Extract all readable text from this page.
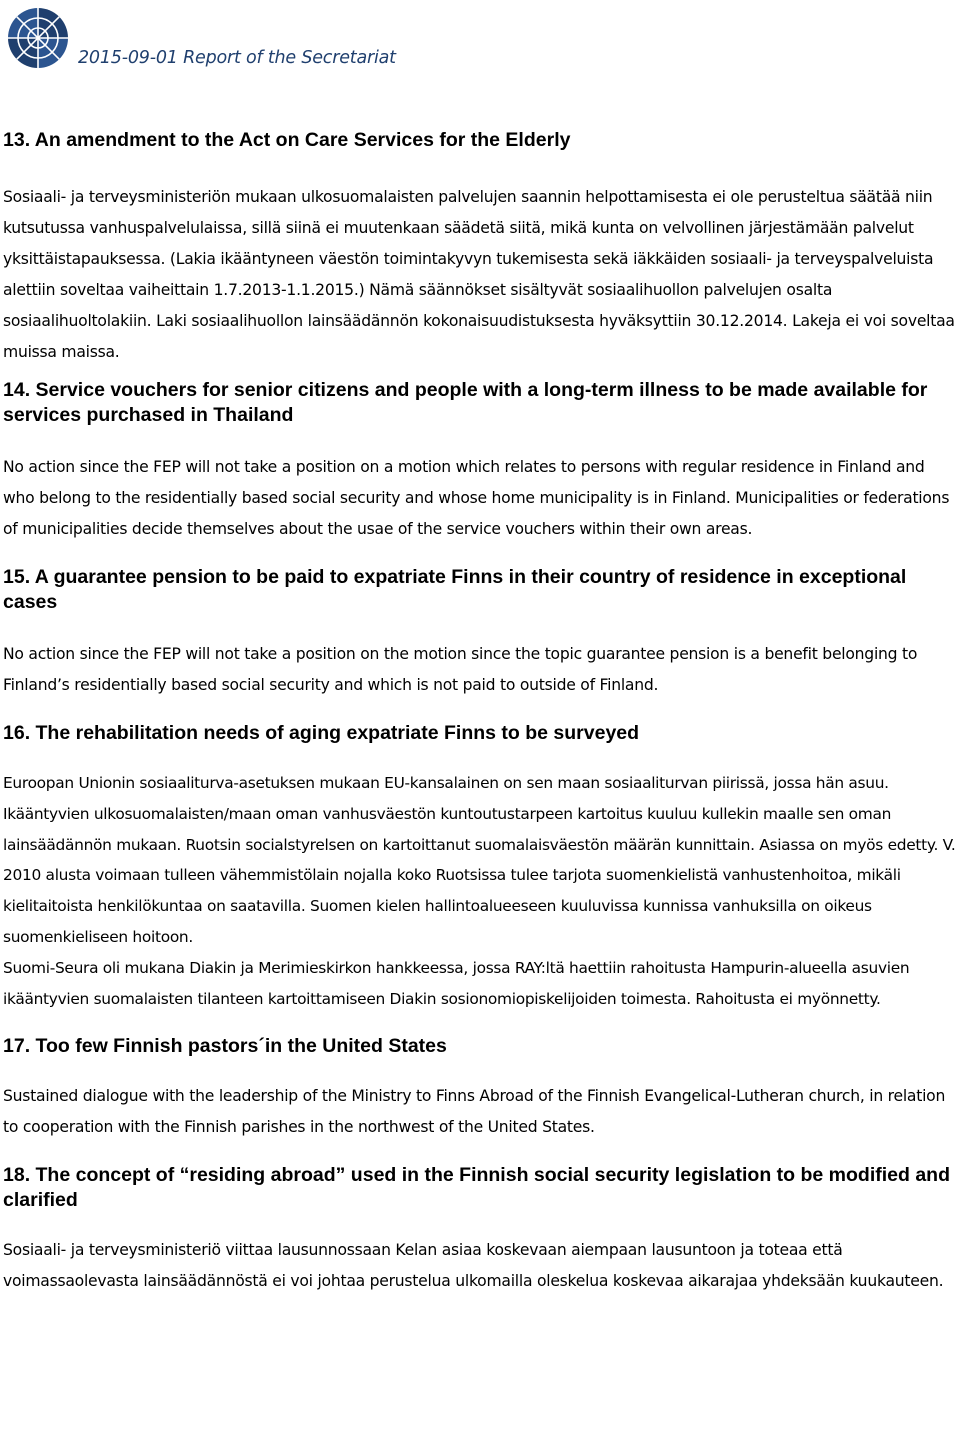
2015-09-01 Report of the Secretariat
13. An amendment to the Act on Care Services for the Elderly

Sosiaali- ja terveysministeriön mukaan ulkosuomalaisten palvelujen saannin helpottamisesta ei ole perusteltua säätää niin kutsutussa vanhuspalvelulaissa, sillä siinä ei muutenkaan säädetä siitä, mikä kunta on velvollinen järjestämään palvelut yksittäistapauksessa. (Lakia ikääntyneen väestön toimintakyvyn tukemisesta sekä iäkkäiden sosiaali- ja terveyspalveluista alettiin soveltaa vaiheittain 1.7.2013-1.1.2015.) Nämä säännökset sisältyvät sosiaalihuollon palvelujen osalta sosiaalihuoltolakiin. Laki sosiaalihuollon lainsäädännön kokonaisuudistuksesta hyväksyttiin 30.12.2014. Lakeja ei voi soveltaa muissa maissa.

14. Service vouchers for senior citizens and people with a long-term illness to be made available for services purchased in Thailand

No action since the FEP will not take a position on a motion which relates to persons with regular residence in Finland and who belong to the residentially based social security and whose home municipality is in Finland. Municipalities or federations of municipalities decide themselves about the usae of the service vouchers within their own areas.

15. A guarantee pension to be paid to expatriate Finns in their country of residence in exceptional cases

No action since the FEP will not take a position on the motion since the topic guarantee pension is a benefit belonging to Finland’s residentially based social security and which is not paid to outside of Finland.

16. The rehabilitation needs of aging expatriate Finns to be surveyed

Euroopan Unionin sosiaaliturva-asetuksen mukaan EU-kansalainen on sen maan sosiaaliturvan piirissä, jossa hän asuu. Ikääntyvien ulkosuomalaisten/maan oman vanhusväestön kuntoutustarpeen kartoitus kuuluu kullekin maalle sen oman lainsäädännön mukaan. Ruotsin socialstyrelsen on kartoittanut suomalaisväestön määrän kunnittain. Asiassa on myös edetty. V. 2010 alusta voimaan tulleen vähemmistölain nojalla koko Ruotsissa tulee tarjota suomenkielistä vanhustenhoitoa, mikäli kielitaitoista henkilökuntaa on saatavilla. Suomen kielen hallintoalueeseen kuuluvissa kunnissa vanhuksilla on oikeus suomenkieliseen hoitoon.

Suomi-Seura oli mukana Diakin ja Merimieskirkon hankkeessa, jossa RAY:ltä haettiin rahoitusta Hampurin-alueella asuvien ikääntyvien suomalaisten tilanteen kartoittamiseen Diakin sosionomiopiskelijoiden toimesta. Rahoitusta ei myönnetty.

17. Too few Finnish pastors´in the United States

Sustained dialogue with the leadership of the Ministry to Finns Abroad of the Finnish Evangelical-Lutheran church, in relation to cooperation with the Finnish parishes in the northwest of the United States.

18. The concept of “residing abroad” used in the Finnish social security legislation to be modified and clarified

Sosiaali- ja terveysministeriö viittaa lausunnossaan Kelan asiaa koskevaan aiempaan lausuntoon ja toteaa että voimassaolevasta lainsäädännöstä ei voi johtaa perustelua ulkomailla oleskelua koskevaa aikarajaa yhdeksään kuukauteen.
